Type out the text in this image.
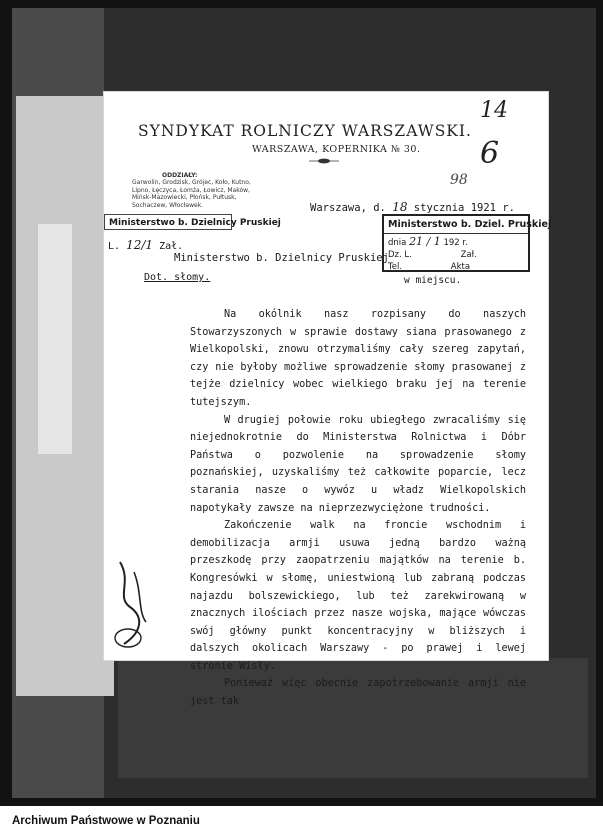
14
6
98
SYNDYKAT ROLNICZY WARSZAWSKI.
WARSZAWA, KOPERNIKA № 30.
ODDZIAŁY:
Garwolin, Grodzisk, Grójec, Koło, Kutno, Lipno, Łęczyca, Łomża, Łowicz, Maków, Mińsk-Mazowiecki, Płońsk, Pułtusk, Sochaczew, Włocławek.	Warszawa, d. 18 stycznia 1921 r.
Ministerstwo b. Dzielnicy Pruskiej
L. 12/1 Zał.
Ministerstwo b. Dzielnicy Pruskiej
Dot. słomy.
Ministerstwo b. Dziel. Pruskiej
dnia 21 / 1 192 r.
Dz. L.	Zał.
Tel.	Akta
w miejscu.

Na okólnik nasz rozpisany do naszych Stowarzyszonych w sprawie dostawy siana prasowanego z Wielkopolski, znowu otrzymaliśmy cały szereg zapytań, czy nie byłoby możliwe sprowadzenie słomy prasowanej z tejże dzielnicy wobec wielkiego braku jej na terenie tutejszym.

W drugiej połowie roku ubiegłego zwracaliśmy się niejednokrotnie do Ministerstwa Rolnictwa i Dóbr Państwa o pozwolenie na sprowadzenie słomy poznańskiej, uzyskaliśmy też całkowite poparcie, lecz starania nasze o wywóz u władz Wielkopolskich napotykały zawsze na nieprzezwyciężone trudności.

Zakończenie walk na froncie wschodnim i demobilizacja armji usuwa jedną bardzo ważną przeszkodę przy zaopatrzeniu majątków na terenie b. Kongresówki w słomę, uniestwioną lub zabraną podczas najazdu bolszewickiego, lub też zarekwirowaną w znacznych ilościach przez nasze wojska, mające wówczas swój główny punkt koncentracyjny w bliższych i dalszych okolicach Warszawy - po prawej i lewej stronie Wisły.

Ponieważ więc obecnie zapotrzebowanie armji nie jest tak

Archiwum Państwowe w Poznaniu
